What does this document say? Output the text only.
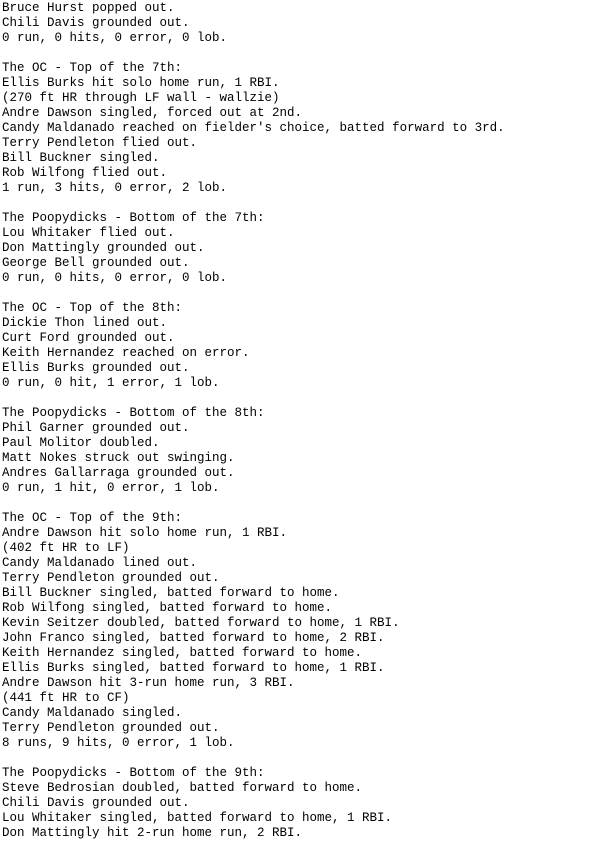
Bruce Hurst popped out.
Chili Davis grounded out.
0 run, 0 hits, 0 error, 0 lob.
The OC - Top of the 7th:
Ellis Burks hit solo home run, 1 RBI.
(270 ft HR through LF wall - wallzie)
Andre Dawson singled, forced out at 2nd.
Candy Maldanado reached on fielder's choice, batted forward to 3rd.
Terry Pendleton flied out.
Bill Buckner singled.
Rob Wilfong flied out.
1 run, 3 hits, 0 error, 2 lob.
The Poopydicks - Bottom of the 7th:
Lou Whitaker flied out.
Don Mattingly grounded out.
George Bell grounded out.
0 run, 0 hits, 0 error, 0 lob.
The OC - Top of the 8th:
Dickie Thon lined out.
Curt Ford grounded out.
Keith Hernandez reached on error.
Ellis Burks grounded out.
0 run, 0 hit, 1 error, 1 lob.
The Poopydicks - Bottom of the 8th:
Phil Garner grounded out.
Paul Molitor doubled.
Matt Nokes struck out swinging.
Andres Gallarraga grounded out.
0 run, 1 hit, 0 error, 1 lob.
The OC - Top of the 9th:
Andre Dawson hit solo home run, 1 RBI.
(402 ft HR to LF)
Candy Maldanado lined out.
Terry Pendleton grounded out.
Bill Buckner singled, batted forward to home.
Rob Wilfong singled, batted forward to home.
Kevin Seitzer doubled, batted forward to home, 1 RBI.
John Franco singled, batted forward to home, 2 RBI.
Keith Hernandez singled, batted forward to home.
Ellis Burks singled, batted forward to home, 1 RBI.
Andre Dawson hit 3-run home run, 3 RBI.
(441 ft HR to CF)
Candy Maldanado singled.
Terry Pendleton grounded out.
8 runs, 9 hits, 0 error, 1 lob.
The Poopydicks - Bottom of the 9th:
Steve Bedrosian doubled, batted forward to home.
Chili Davis grounded out.
Lou Whitaker singled, batted forward to home, 1 RBI.
Don Mattingly hit 2-run home run, 2 RBI.
